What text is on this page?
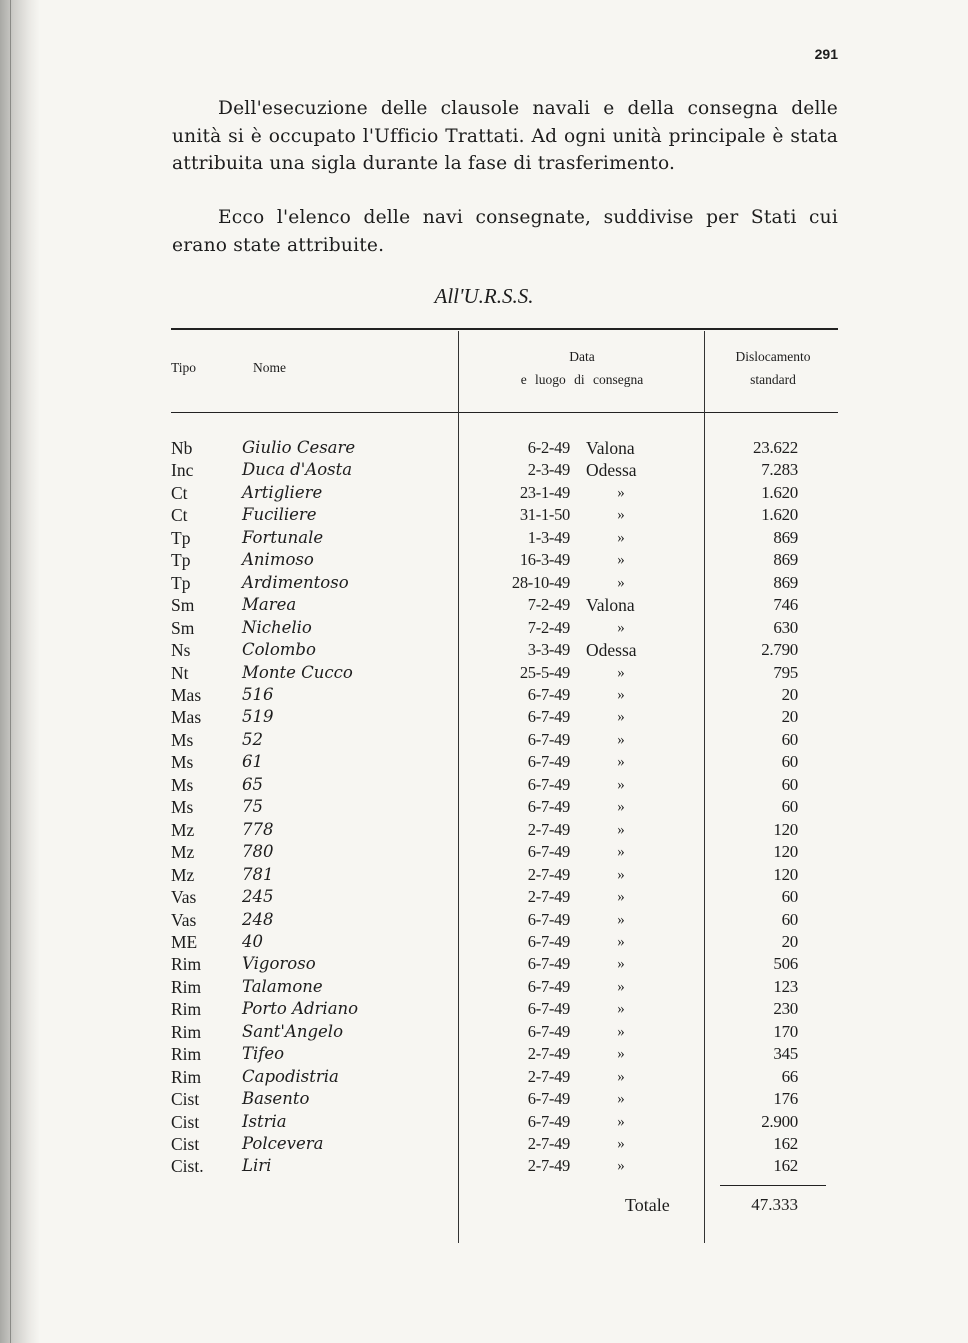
291

Dell'esecuzione delle clausole navali e della consegna delle unità si è occupato l'Ufficio Trattati. Ad ogni unità principale è stata attribuita una sigla durante la fase di trasferimento.

Ecco l'elenco delle navi consegnate, suddivise per Stati cui erano state attribuite.

All'U.R.S.S.
Tipo	Nome
Data
e luogo di consegna
Dislocamento
standard
Nb	Giulio Cesare	6-2-49 Valona	23.622
Inc	Duca d'Aosta	2-3-49 Odessa	7.283
Ct	Artigliere	23-1-49	»	1.620
Ct	Fuciliere	31-1-50	»	1.620
Tp	Fortunale	1-3-49	»	869
Tp	Animoso	16-3-49	»	869
Tp	Ardimentoso	28-10-49	»	869
Sm	Marea	7-2-49 Valona	746
Sm	Nichelio	7-2-49	»	630
Ns	Colombo	3-3-49 Odessa	2.790
Nt	Monte Cucco	25-5-49	»	795
Mas 516	6-7-49	»	20
Mas 519	6-7-49	»	20
Ms	52	6-7-49	»	60
Ms	61	6-7-49	»	60
Ms	65	6-7-49	»	60
Ms	75	6-7-49	»	60
Mz	778	2-7-49	»	120
Mz	780	6-7-49	»	120
Mz	781	2-7-49	»	120
Vas	245	2-7-49	»	60
Vas	248	6-7-49	»	60
ME	40	6-7-49	»	20
Rim Vigoroso	6-7-49	»	506
Rim Talamone	6-7-49	»	123
Rim Porto Adriano	6-7-49	»	230
Rim Sant'Angelo	6-7-49	»	170
Rim Tifeo	2-7-49	»	345
Rim Capodistria	2-7-49	»	66
Cist	Basento	6-7-49	»	176
Cist	Istria	6-7-49	»	2.900
Cist	Polcevera	2-7-49	»	162
Cist. Liri	2-7-49	»	162
Totale	47.333
